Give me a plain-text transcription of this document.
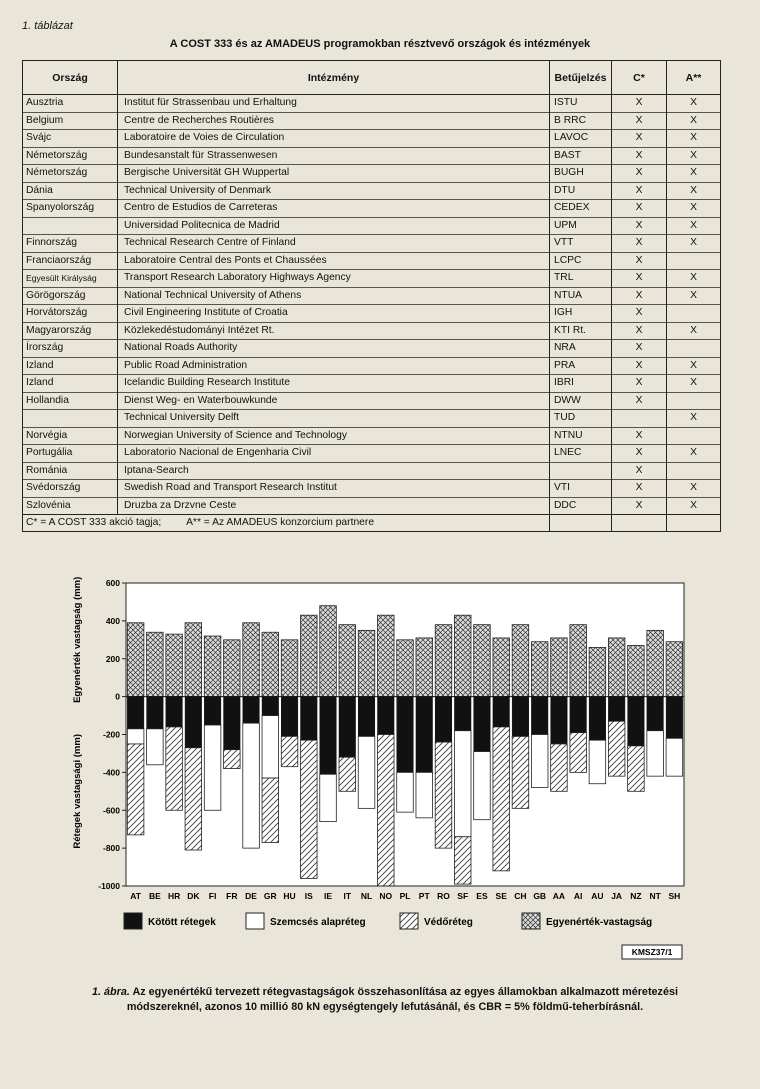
1. táblázat
A COST 333 és az AMADEUS programokban résztvevő országok és intézmények
Ország	Intézmény	Betűjelzés	C*	A**
Ausztria	Institut für Strassenbau und Erhaltung	ISTU	X	X
Belgium	Centre de Recherches Routières	B RRC	X	X
Svájc	Laboratoire de Voies de Circulation	LAVOC	X	X
Németország	Bundesanstalt für Strassenwesen	BAST	X	X
Németország	Bergische Universität GH Wuppertal	BUGH	X	X
Dánia	Technical University of Denmark	DTU	X	X
Spanyolország	Centro de Estudios de Carreteras	CEDEX	X	X
	Universidad Politecnica de Madrid	UPM	X	X
Finnország	Technical Research Centre of Finland	VTT	X	X
Franciaország	Laboratoire Central des Ponts et Chaussées	LCPC	X	
Egyesült Királyság	Transport Research Laboratory Highways Agency	TRL	X	X
Görögország	National Technical University of Athens	NTUA	X	X
Horvátország	Civil Engineering Institute of Croatia	IGH	X	
Magyarország	Közlekedéstudományi Intézet Rt.	KTI Rt.	X	X
Írország	National Roads Authority	NRA	X	
Izland	Public Road Administration	PRA	X	X
Izland	Icelandic Building Research Institute	IBRI	X	X
Hollandia	Dienst Weg- en Waterbouwkunde	DWW	X	
	Technical University Delft	TUD		X
Norvégia	Norwegian University of Science and Technology	NTNU	X	
Portugália	Laboratorio Nacional de Engenharia Civil	LNEC	X	X
Románia	Iptana-Search		X	
Svédország	Swedish Road and Transport Research Institut	VTI	X	X
Szlovénia	Druzba za Drzvne Ceste	DDC	X	X
C* = A COST 333 akció tagja; A** = Az AMADEUS konzorcium partnere				
AT BE HR DK FI FR DE GR HU IS IE IT NL NO PL PT RO SF ES SE CH GB AA AI AU JA NZ NT SH
600
400
200
0
-200
-400
-600
-800
-1000
Egyenérték vastagság (mm)
Rétegek vastagsági (mm)
Kötött rétegek	Szemcsés alapréteg	Védőréteg	Egyenérték-vastagság
KMSZ37/1
1. ábra. Az egyenértékű tervezett rétegvastagságok összehasonlítása az egyes államokban alkalmazott méretezési módszereknél, azonos 10 millió 80 kN egységtengely lefutásánál, és CBR = 5% földmű-teherbírásnál.
